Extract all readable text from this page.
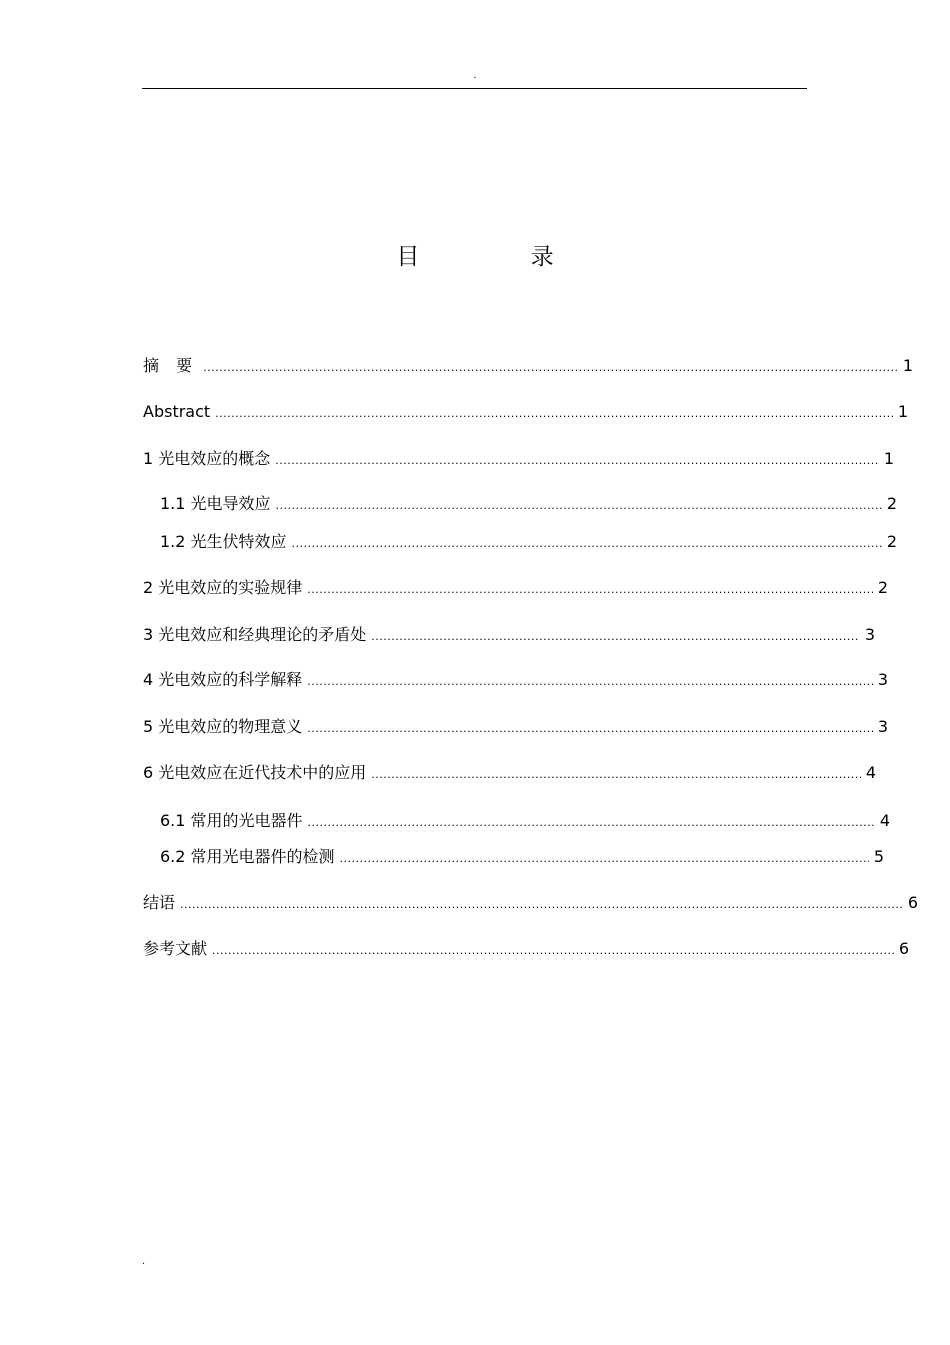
.
目 录
摘 要 .....	1
Abstract .....	1
1 光电效应的概念 .....	1
1.1 光电导效应 .....	2
1.2 光生伏特效应 .....	2
2 光电效应的实验规律 .....	2
3 光电效应和经典理论的矛盾处 .....	3
4 光电效应的科学解释 .....	3
5 光电效应的物理意义 .....	3
6 光电效应在近代技术中的应用 .....	4
6.1 常用的光电器件 .....	4
6.2 常用光电器件的检测 .....	5
结语 .....	6
参考文献 .....	6
.
